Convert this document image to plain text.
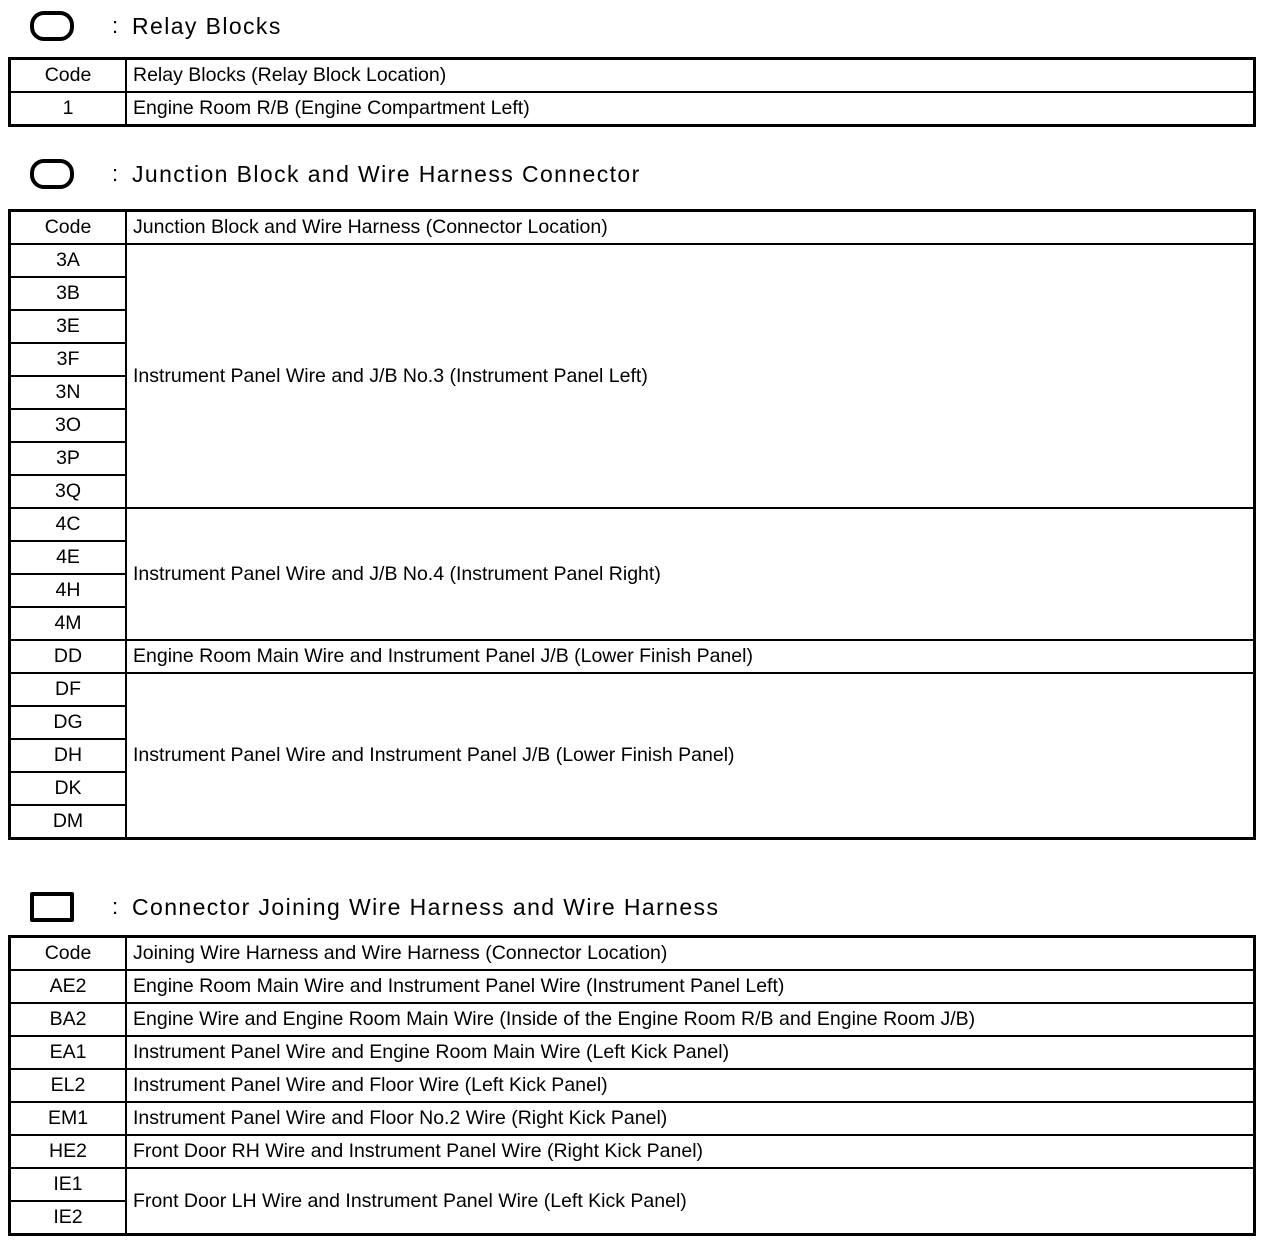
: Relay Blocks
Code	Relay Blocks (Relay Block Location)
1	Engine Room R/B (Engine Compartment Left)
: Junction Block and Wire Harness Connector
Code	Junction Block and Wire Harness (Connector Location)
3A	Instrument Panel Wire and J/B No.3 (Instrument Panel Left)
3B	
3E	
3F	
3N	
3O	
3P	
3Q	
4C	Instrument Panel Wire and J/B No.4 (Instrument Panel Right)
4E	
4H	
4M	
DD	Engine Room Main Wire and Instrument Panel J/B (Lower Finish Panel)
DF	Instrument Panel Wire and Instrument Panel J/B (Lower Finish Panel)
DG	
DH	
DK	
DM	
: Connector Joining Wire Harness and Wire Harness
Code	Joining Wire Harness and Wire Harness (Connector Location)
AE2	Engine Room Main Wire and Instrument Panel Wire (Instrument Panel Left)
BA2	Engine Wire and Engine Room Main Wire (Inside of the Engine Room R/B and Engine Room J/B)
EA1	Instrument Panel Wire and Engine Room Main Wire (Left Kick Panel)
EL2	Instrument Panel Wire and Floor Wire (Left Kick Panel)
EM1	Instrument Panel Wire and Floor No.2 Wire (Right Kick Panel)
HE2	Front Door RH Wire and Instrument Panel Wire (Right Kick Panel)
IE1	Front Door LH Wire and Instrument Panel Wire (Left Kick Panel)
IE2	
